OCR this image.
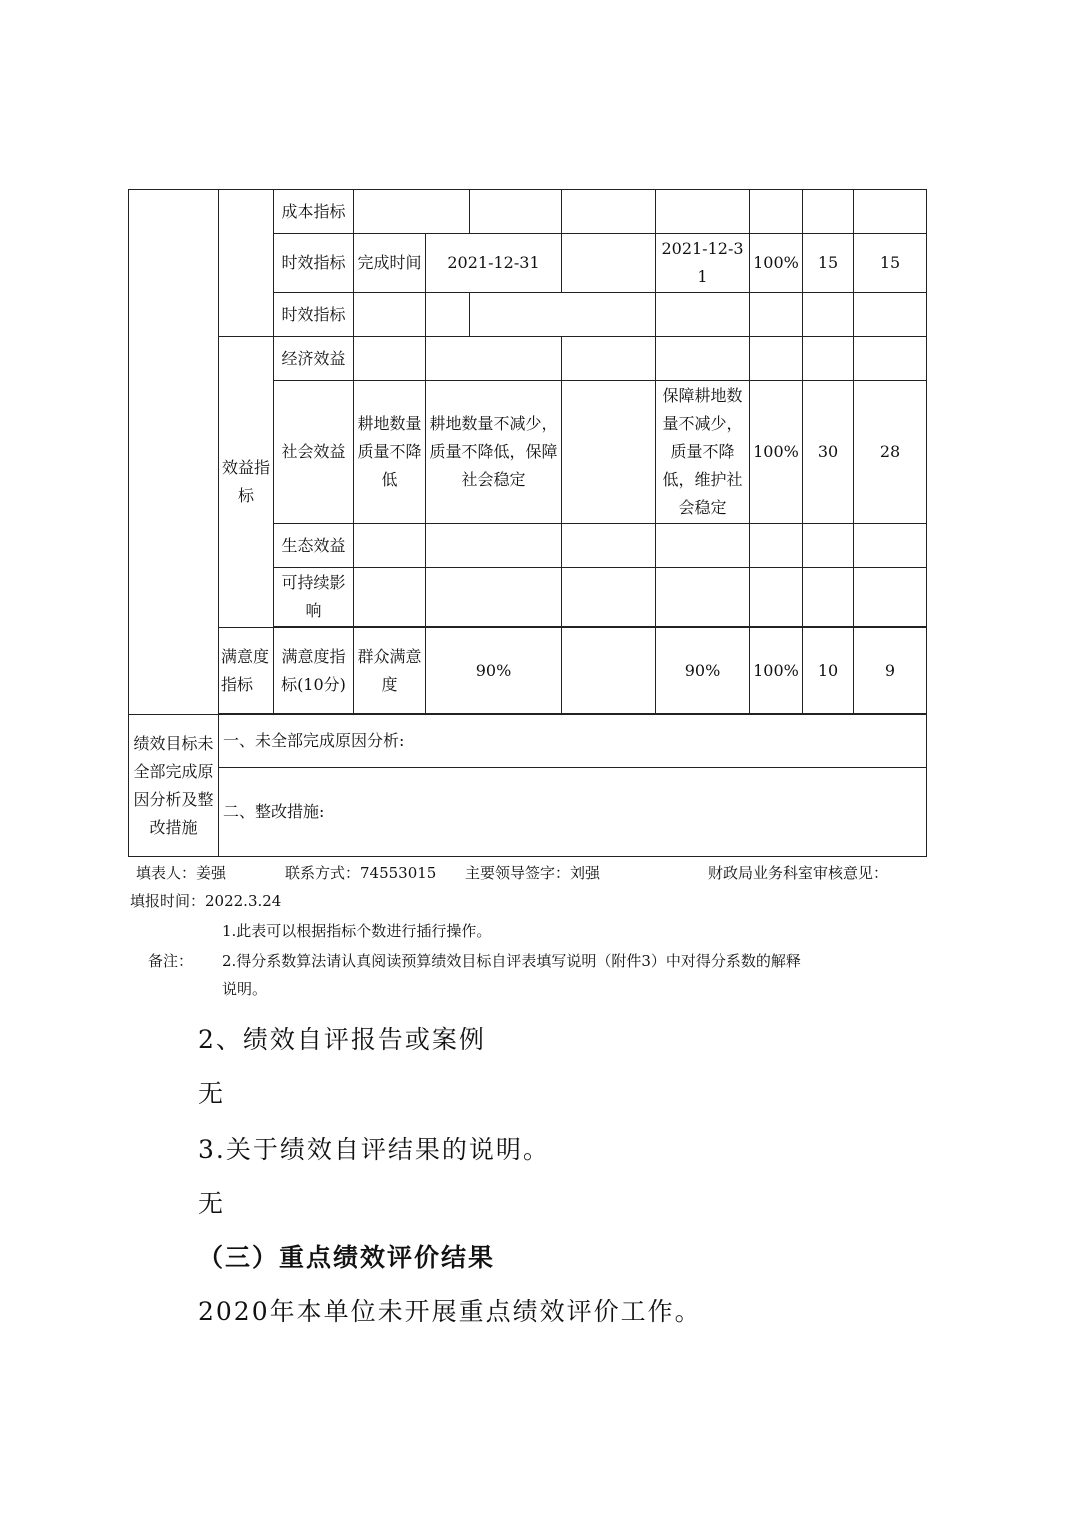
		成本指标								
		时效指标	完成时间	2021-12-31			2021-12-31	100%	15	15
		时效指标								
	效益指标	经济效益								
		社会效益	耕地数量质量不降低	耕地数量不减少，质量不降低，保障社会稳定			保障耕地数量不减少，质量不降低，维护社会稳定	100%	30	28
		生态效益								
		可持续影响								

	满意度指标	满意度指标(10分)	群众满意度	90%			90%	100%	10	9

绩效目标未全部完成原因分析及整改措施	一、未全部完成原因分析:									
	二、整改措施:									
填表人：姜强	联系方式：74553015 主要领导签字：刘强	财政局业务科室审核意见：
填报时间：2022.3.24
1.此表可以根据指标个数进行插行操作。
备注： 2.得分系数算法请认真阅读预算绩效目标自评表填写说明（附件3）中对得分系数的解释
说明。
2、绩效自评报告或案例
无
3.关于绩效自评结果的说明。
无
（三）重点绩效评价结果
2020年本单位未开展重点绩效评价工作。
